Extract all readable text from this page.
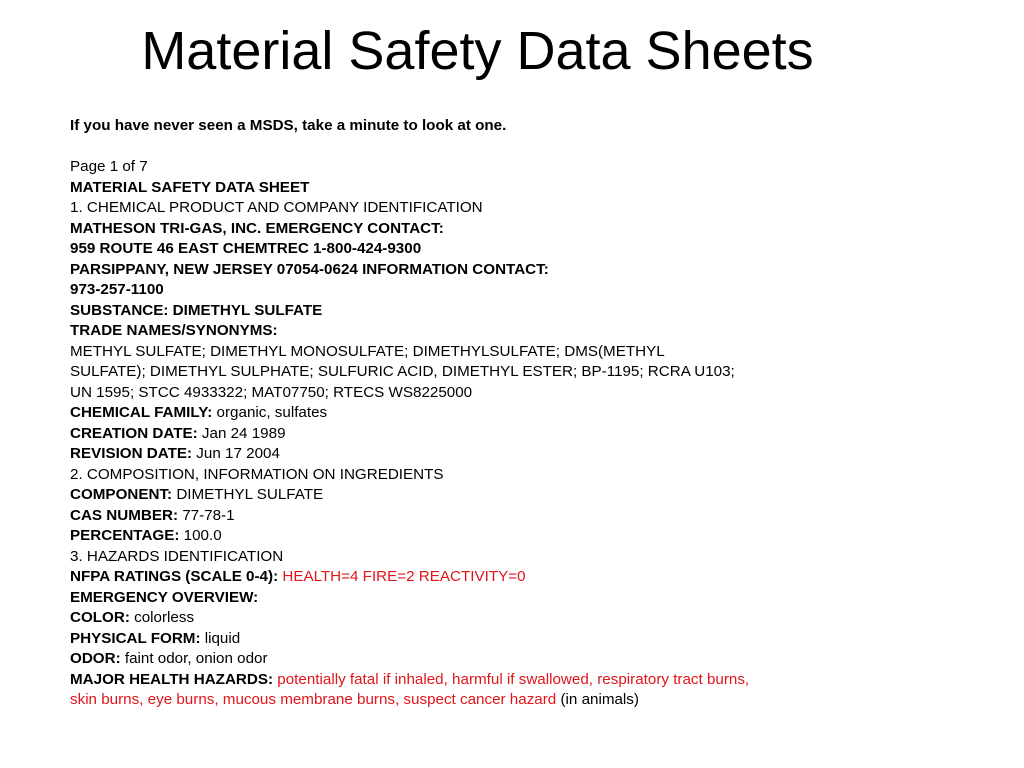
Material Safety Data Sheets

If you have never seen a MSDS, take a minute to look at one.

Page 1 of 7
MATERIAL SAFETY DATA SHEET
1. CHEMICAL PRODUCT AND COMPANY IDENTIFICATION
MATHESON TRI-GAS, INC. EMERGENCY CONTACT:
959 ROUTE 46 EAST CHEMTREC 1-800-424-9300
PARSIPPANY, NEW JERSEY 07054-0624 INFORMATION CONTACT:
973-257-1100
SUBSTANCE: DIMETHYL SULFATE
TRADE NAMES/SYNONYMS:
METHYL SULFATE; DIMETHYL MONOSULFATE; DIMETHYLSULFATE; DMS(METHYL
SULFATE); DIMETHYL SULPHATE; SULFURIC ACID, DIMETHYL ESTER; BP-1195; RCRA U103;
UN 1595; STCC 4933322; MAT07750; RTECS WS8225000
CHEMICAL FAMILY: organic, sulfates
CREATION DATE: Jan 24 1989
REVISION DATE: Jun 17 2004
2. COMPOSITION, INFORMATION ON INGREDIENTS
COMPONENT: DIMETHYL SULFATE
CAS NUMBER: 77-78-1
PERCENTAGE: 100.0
3. HAZARDS IDENTIFICATION
NFPA RATINGS (SCALE 0-4): HEALTH=4 FIRE=2 REACTIVITY=0
EMERGENCY OVERVIEW:
COLOR: colorless
PHYSICAL FORM: liquid
ODOR: faint odor, onion odor
MAJOR HEALTH HAZARDS: potentially fatal if inhaled, harmful if swallowed, respiratory tract burns,
skin burns, eye burns, mucous membrane burns, suspect cancer hazard (in animals)
